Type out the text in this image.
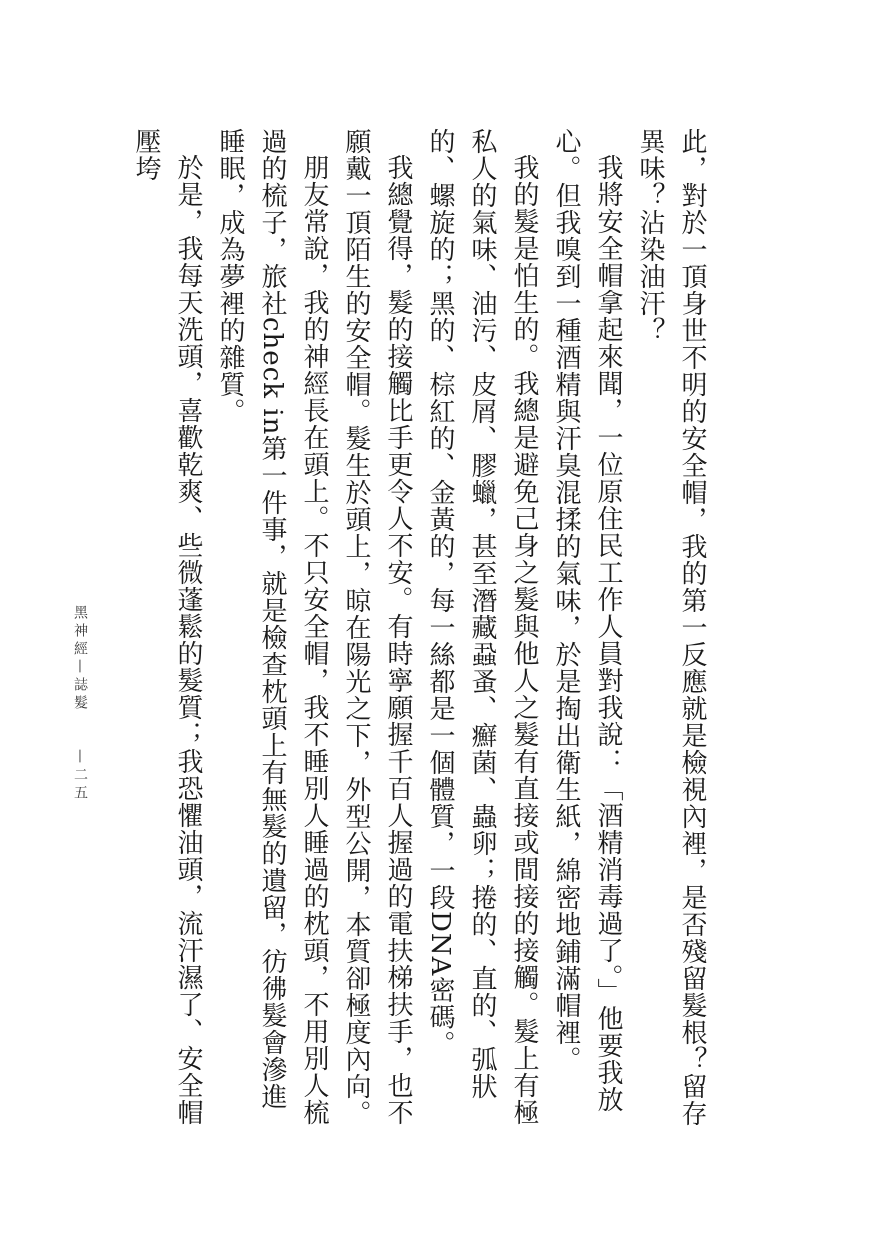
此，對於一頂身世不明的安全帽，我的第一反應就是檢視內裡，是否殘留髮根？留存異味？沾染油汗？

我將安全帽拿起來聞，一位原住民工作人員對我說：「酒精消毒過了。」他要我放心。但我嗅到一種酒精與汗臭混揉的氣味，於是掏出衛生紙，綿密地鋪滿帽裡。

我的髮是怕生的。我總是避免己身之髮與他人之髮有直接或間接的接觸。髮上有極私人的氣味、油污、皮屑、膠蠟，甚至潛藏蝨蚤、癬菌、蟲卵；捲的、直的、弧狀的、螺旋的；黑的、棕紅的、金黃的，每一絲都是一個體質，一段DNA密碼。

我總覺得，髮的接觸比手更令人不安。有時寧願握千百人握過的電扶梯扶手，也不願戴一頂陌生的安全帽。髮生於頭上，晾在陽光之下，外型公開，本質卻極度內向。

朋友常說，我的神經長在頭上。不只安全帽，我不睡別人睡過的枕頭，不用別人梳過的梳子，旅社check in第一件事，就是檢查枕頭上有無髮的遺留，彷彿髮會滲進睡眠，成為夢裡的雜質。

於是，我每天洗頭，喜歡乾爽、些微蓬鬆的髮質；我恐懼油頭，流汗濕了、安全帽壓垮

黑神經—誌髮　　—二五
